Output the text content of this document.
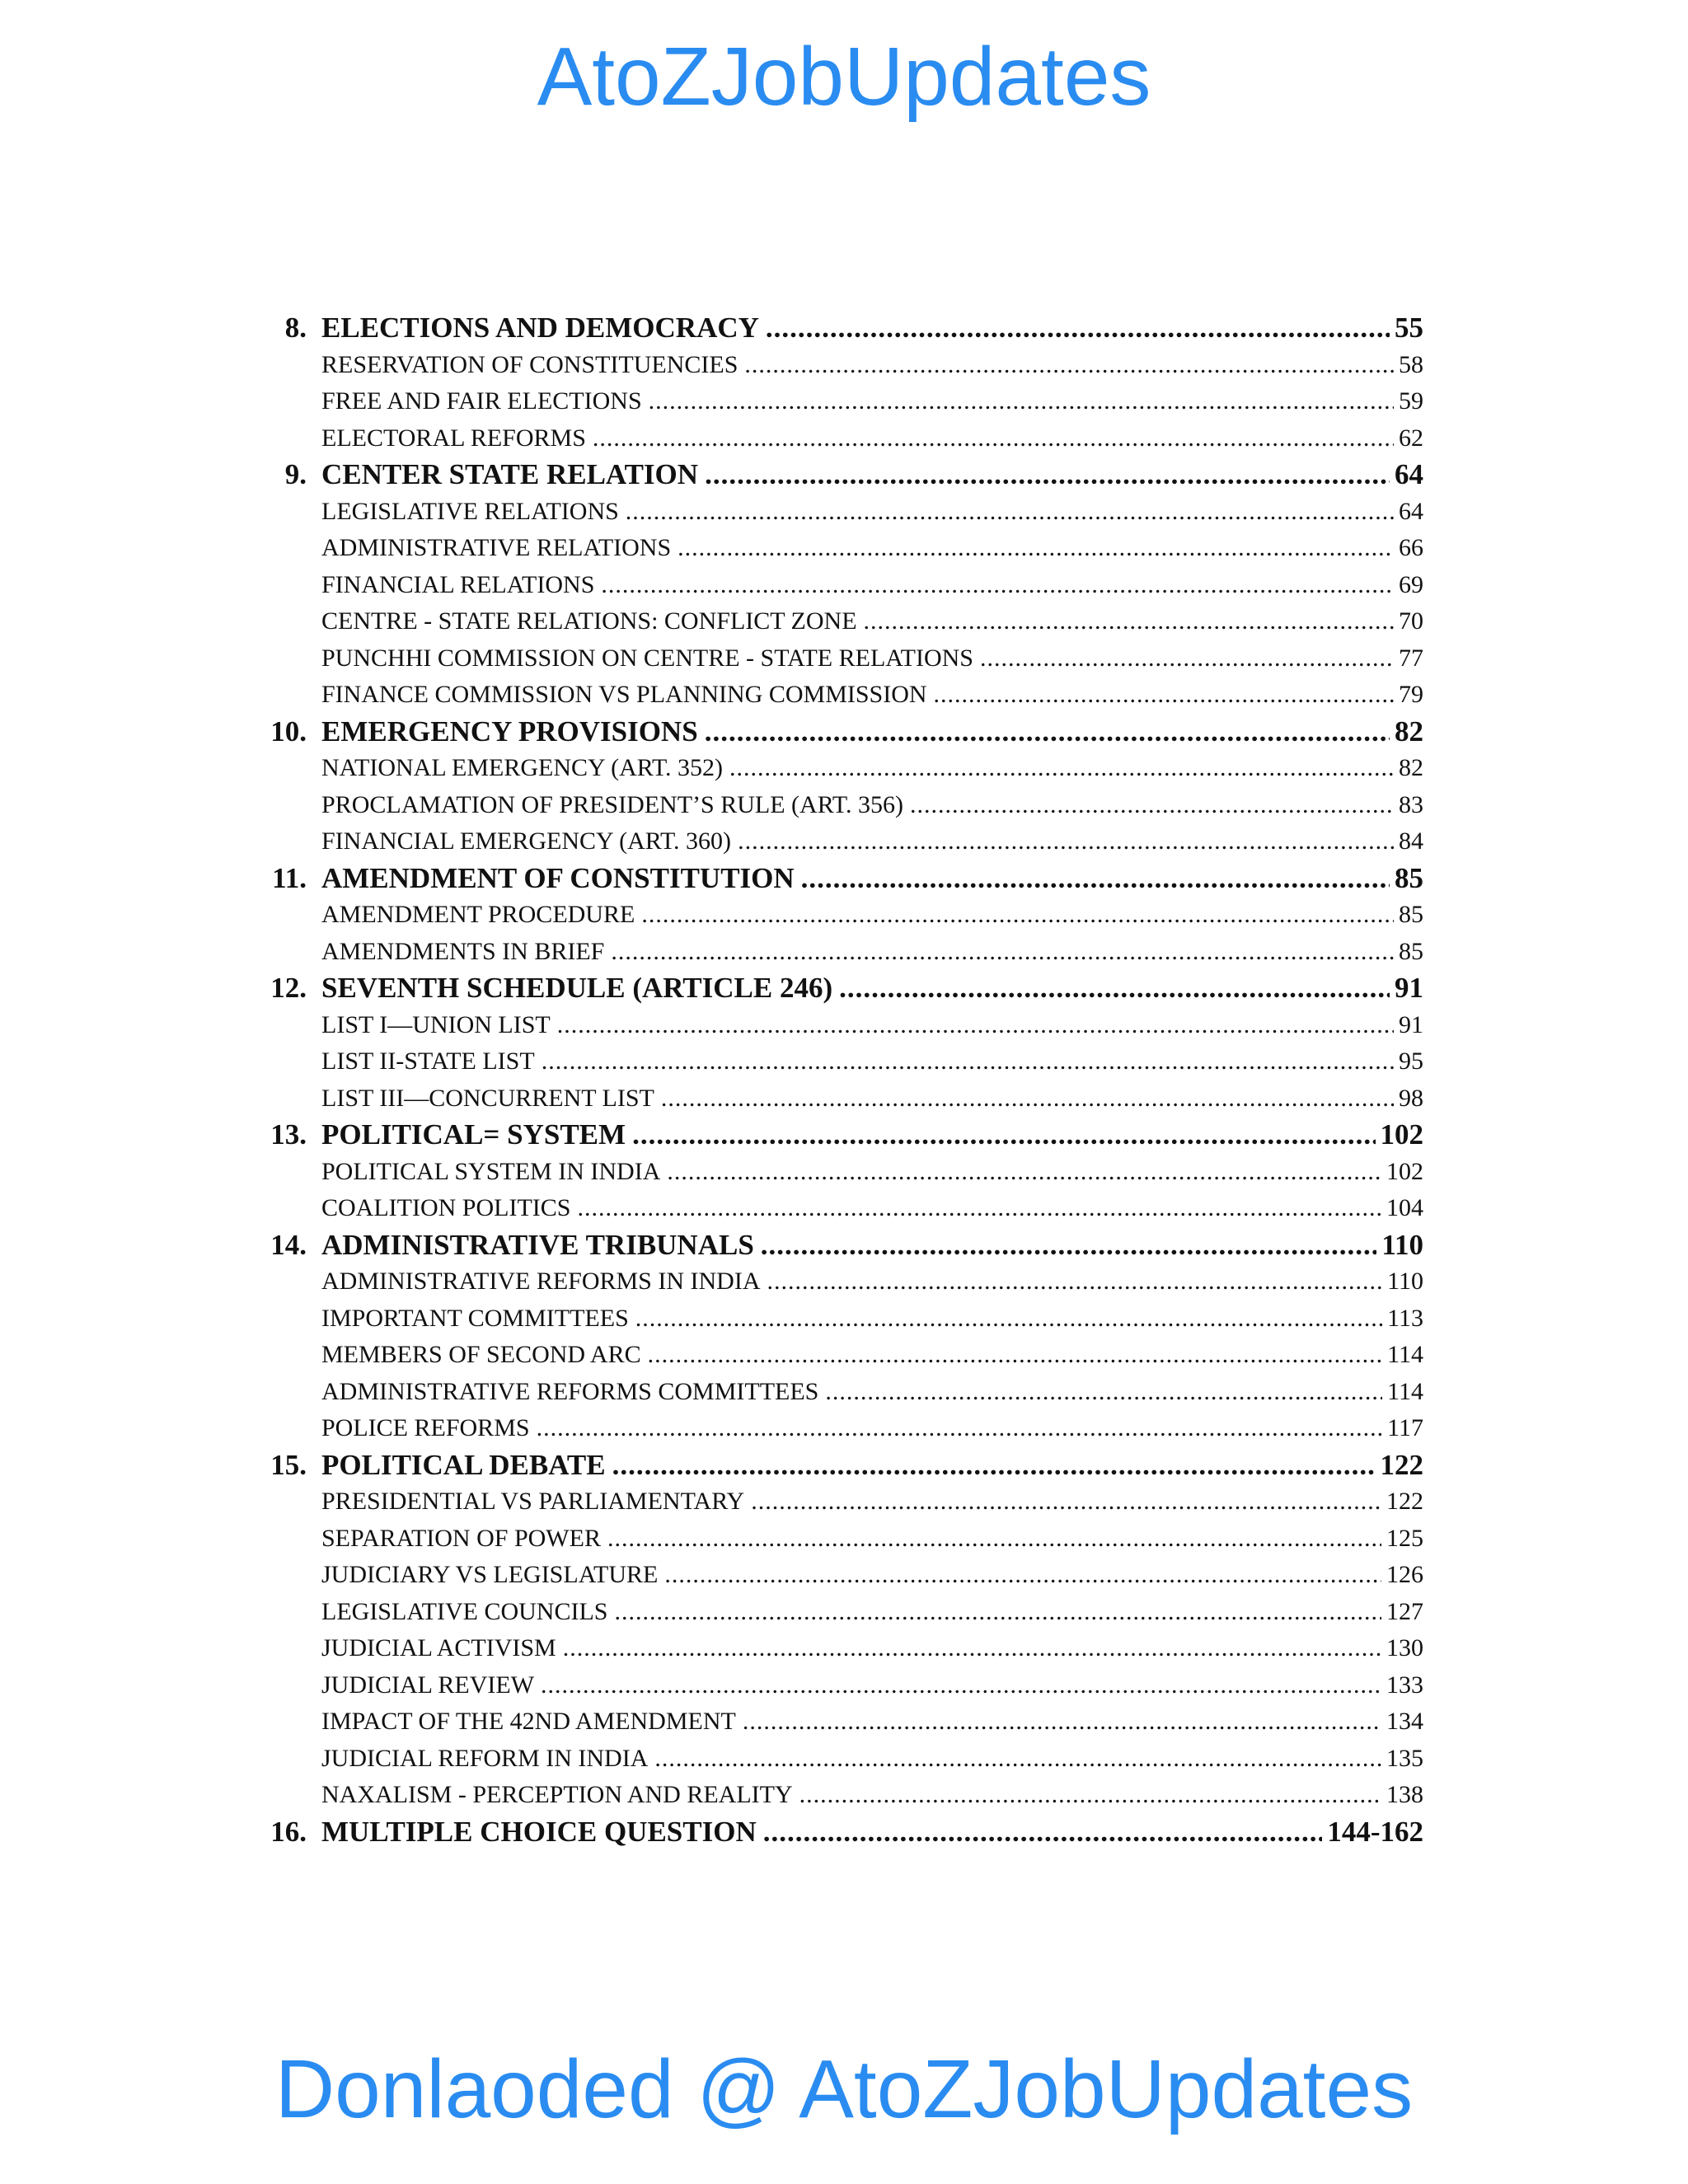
AtoZJobUpdates
8. ELECTIONS AND DEMOCRACY .....	55
RESERVATION OF CONSTITUENCIES .....	58
FREE AND FAIR ELECTIONS .....	59
ELECTORAL REFORMS .....	62
9. CENTER STATE RELATION .....	64
LEGISLATIVE RELATIONS .....	64
ADMINISTRATIVE RELATIONS .....	66
FINANCIAL RELATIONS .....	69
CENTRE - STATE RELATIONS: CONFLICT ZONE .....	70
PUNCHHI COMMISSION ON CENTRE - STATE RELATIONS .....	77
FINANCE COMMISSION VS PLANNING COMMISSION .....	79
10. EMERGENCY PROVISIONS .....	82
NATIONAL EMERGENCY (ART. 352) .....	82
PROCLAMATION OF PRESIDENT’S RULE (ART. 356) .....	83
FINANCIAL EMERGENCY (ART. 360) .....	84
11. AMENDMENT OF CONSTITUTION .....	85
AMENDMENT PROCEDURE .....	85
AMENDMENTS IN BRIEF .....	85
12. SEVENTH SCHEDULE (ARTICLE 246) .....	91
LIST I—UNION LIST .....	91
LIST II-STATE LIST .....	95
LIST III—CONCURRENT LIST .....	98
13. POLITICAL= SYSTEM .....	102
POLITICAL SYSTEM IN INDIA .....	102
COALITION POLITICS .....	104
14. ADMINISTRATIVE TRIBUNALS .....	110
ADMINISTRATIVE REFORMS IN INDIA .....	110
IMPORTANT COMMITTEES .....	113
MEMBERS OF SECOND ARC .....	114
ADMINISTRATIVE REFORMS COMMITTEES .....	114
POLICE REFORMS .....	117
15. POLITICAL DEBATE .....	122
PRESIDENTIAL VS PARLIAMENTARY .....	122
SEPARATION OF POWER .....	125
JUDICIARY VS LEGISLATURE .....	126
LEGISLATIVE COUNCILS .....	127
JUDICIAL ACTIVISM .....	130
JUDICIAL REVIEW .....	133
IMPACT OF THE 42ND AMENDMENT .....	134
JUDICIAL REFORM IN INDIA .....	135
NAXALISM - PERCEPTION AND REALITY .....	138
16. MULTIPLE CHOICE QUESTION .....	144-162
Donlaoded @ AtoZJobUpdates
